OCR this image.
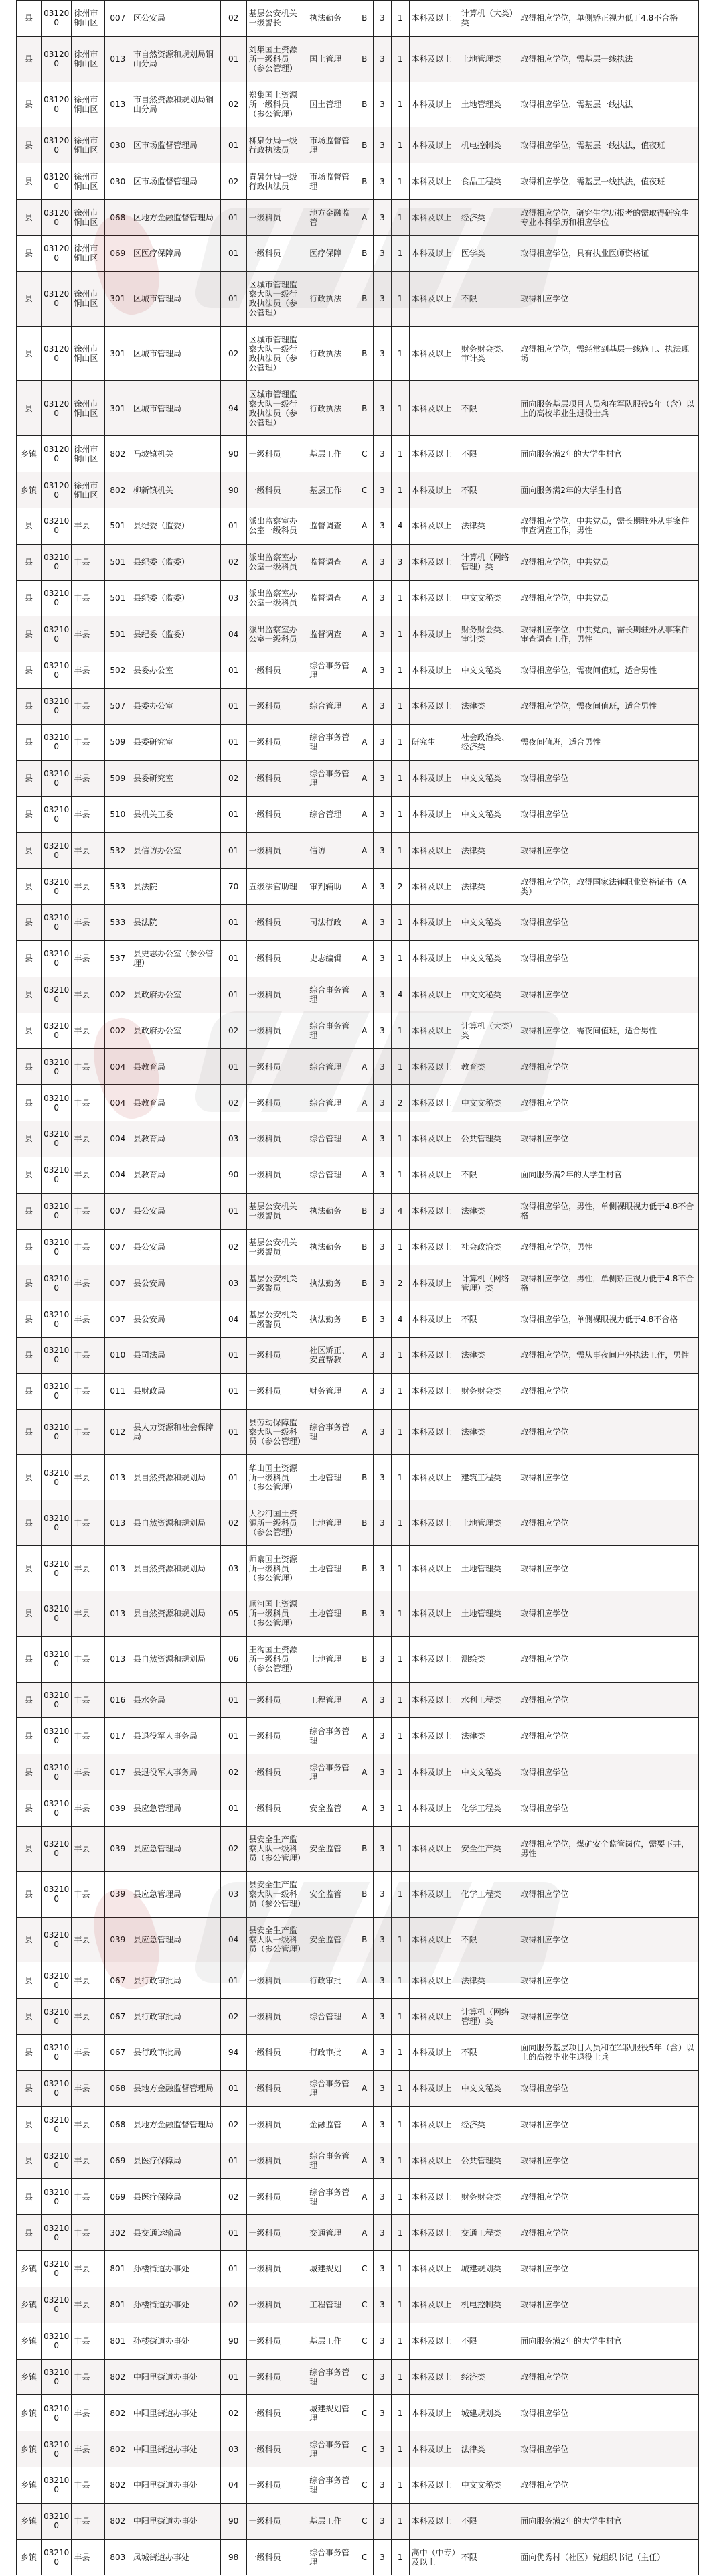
县	031200	徐州市铜山区	007	区公安局	02	基层公安机关一级警长	执法勤务	B	3	1	本科及以上	计算机（大类）类	取得相应学位，单侧矫正视力低于4.8不合格
县	031200	徐州市铜山区	013	市自然资源和规划局铜山分局	01	刘集国土资源所一级科员（参公管理）	国土管理	B	3	1	本科及以上	土地管理类	取得相应学位，需基层一线执法
县	031200	徐州市铜山区	013	市自然资源和规划局铜山分局	02	郑集国土资源所一级科员（参公管理）	国土管理	B	3	1	本科及以上	土地管理类	取得相应学位，需基层一线执法
县	031200	徐州市铜山区	030	区市场监督管理局	01	柳泉分局一级行政执法员	市场监督管理	B	3	1	本科及以上	机电控制类	取得相应学位，需基层一线执法，值夜班
县	031200	徐州市铜山区	030	区市场监督管理局	02	青暑分局一级行政执法员	市场监督管理	B	3	1	本科及以上	食品工程类	取得相应学位，需基层一线执法，值夜班
县	031200	徐州市铜山区	068	区地方金融监督管理局	01	一级科员	地方金融监管	A	3	1	本科及以上	经济类	取得相应学位，研究生学历报考的需取得研究生专业本科学历和相应学位
县	031200	徐州市铜山区	069	区医疗保障局	01	一级科员	医疗保障	B	3	1	本科及以上	医学类	取得相应学位，具有执业医师资格证
县	031200	徐州市铜山区	301	区城市管理局	01	区城市管理监察大队一级行政执法员（参公管理）	行政执法	B	3	1	本科及以上	不限	取得相应学位
县	031200	徐州市铜山区	301	区城市管理局	02	区城市管理监察大队一级行政执法员（参公管理）	行政执法	B	3	1	本科及以上	财务财会类、审计类	取得相应学位，需经常到基层一线施工、执法现场
县	031200	徐州市铜山区	301	区城市管理局	94	区城市管理监察大队一级行政执法员（参公管理）	行政执法	B	3	1	本科及以上	不限	面向服务基层项目人员和在军队服役5年（含）以上的高校毕业生退役士兵
乡镇	031200	徐州市铜山区	802	马坡镇机关	90	一级科员	基层工作	C	3	1	本科及以上	不限	面向服务满2年的大学生村官
乡镇	031200	徐州市铜山区	802	柳新镇机关	90	一级科员	基层工作	C	3	1	本科及以上	不限	面向服务满2年的大学生村官
县	032100	丰县	501	县纪委（监委）	01	派出监察室办公室一级科员	监督调查	A	3	4	本科及以上	法律类	取得相应学位，中共党员，需长期驻外从事案件审查调查工作，男性
县	032100	丰县	501	县纪委（监委）	02	派出监察室办公室一级科员	监督调查	A	3	3	本科及以上	计算机（网络管理）类	取得相应学位，中共党员
县	032100	丰县	501	县纪委（监委）	03	派出监察室办公室一级科员	监督调查	A	3	1	本科及以上	中文文秘类	取得相应学位，中共党员
县	032100	丰县	501	县纪委（监委）	04	派出监察室办公室一级科员	监督调查	A	3	1	本科及以上	财务财会类、审计类	取得相应学位，中共党员，需长期驻外从事案件审查调查工作，男性
县	032100	丰县	502	县委办公室	01	一级科员	综合事务管理	A	3	1	本科及以上	中文文秘类	取得相应学位，需夜间值班，适合男性
县	032100	丰县	507	县委办公室	01	一级科员	综合管理	A	3	1	本科及以上	法律类	取得相应学位，需夜间值班，适合男性
县	032100	丰县	509	县委研究室	01	一级科员	综合事务管理	A	3	1	研究生	社会政治类、经济类	需夜间值班，适合男性
县	032100	丰县	509	县委研究室	02	一级科员	综合事务管理	A	3	1	本科及以上	中文文秘类	取得相应学位
县	032100	丰县	510	县机关工委	01	一级科员	综合管理	A	3	1	本科及以上	中文文秘类	取得相应学位
县	032100	丰县	532	县信访办公室	01	一级科员	信访	A	3	1	本科及以上	法律类	取得相应学位
县	032100	丰县	533	县法院	70	五级法官助理	审判辅助	A	3	2	本科及以上	法律类	取得相应学位，取得国家法律职业资格证书（A类）
县	032100	丰县	533	县法院	01	一级科员	司法行政	A	3	1	本科及以上	中文文秘类	取得相应学位
县	032100	丰县	537	县史志办公室（参公管理）	01	一级科员	史志编辑	A	3	1	本科及以上	中文文秘类	取得相应学位
县	032100	丰县	002	县政府办公室	01	一级科员	综合事务管理	A	3	4	本科及以上	中文文秘类	取得相应学位
县	032100	丰县	002	县政府办公室	02	一级科员	综合事务管理	A	3	1	本科及以上	计算机（大类）类	取得相应学位，需夜间值班，适合男性
县	032100	丰县	004	县教育局	01	一级科员	综合管理	A	3	1	本科及以上	教育类	取得相应学位
县	032100	丰县	004	县教育局	02	一级科员	综合管理	A	3	2	本科及以上	中文文秘类	取得相应学位
县	032100	丰县	004	县教育局	03	一级科员	综合管理	A	3	1	本科及以上	公共管理类	取得相应学位
县	032100	丰县	004	县教育局	90	一级科员	综合管理	A	3	1	本科及以上	不限	面向服务满2年的大学生村官
县	032100	丰县	007	县公安局	01	基层公安机关一级警员	执法勤务	B	3	4	本科及以上	法律类	取得相应学位，男性，单侧裸眼视力低于4.8不合格
县	032100	丰县	007	县公安局	02	基层公安机关一级警员	执法勤务	B	3	1	本科及以上	社会政治类	取得相应学位，男性
县	032100	丰县	007	县公安局	03	基层公安机关一级警员	执法勤务	B	3	2	本科及以上	计算机（网络管理）类	取得相应学位，男性，单侧矫正视力低于4.8不合格
县	032100	丰县	007	县公安局	04	基层公安机关一级警员	执法勤务	B	3	4	本科及以上	不限	取得相应学位，单侧裸眼视力低于4.8不合格
县	032100	丰县	010	县司法局	01	一级科员	社区矫正、安置帮教	A	3	1	本科及以上	法律类	取得相应学位，需从事夜间户外执法工作，男性
县	032100	丰县	011	县财政局	01	一级科员	财务管理	A	3	1	本科及以上	财务财会类	取得相应学位
县	032100	丰县	012	县人力资源和社会保障局	01	县劳动保障监察大队一级科员（参公管理）	综合事务管理	A	3	1	本科及以上	法律类	取得相应学位
县	032100	丰县	013	县自然资源和规划局	01	华山国土资源所一级科员（参公管理）	土地管理	B	3	1	本科及以上	建筑工程类	取得相应学位
县	032100	丰县	013	县自然资源和规划局	02	大沙河国土资源所一级科员（参公管理）	土地管理	B	3	1	本科及以上	土地管理类	取得相应学位
县	032100	丰县	013	县自然资源和规划局	03	师寨国土资源所一级科员（参公管理）	土地管理	B	3	1	本科及以上	土地管理类	取得相应学位
县	032100	丰县	013	县自然资源和规划局	05	顺河国土资源所一级科员（参公管理）	土地管理	B	3	1	本科及以上	土地管理类	取得相应学位
县	032100	丰县	013	县自然资源和规划局	06	王沟国土资源所一级科员（参公管理）	土地管理	B	3	1	本科及以上	测绘类	取得相应学位
县	032100	丰县	016	县水务局	01	一级科员	工程管理	A	3	1	本科及以上	水利工程类	取得相应学位
县	032100	丰县	017	县退役军人事务局	01	一级科员	综合事务管理	A	3	1	本科及以上	法律类	取得相应学位
县	032100	丰县	017	县退役军人事务局	02	一级科员	综合事务管理	A	3	1	本科及以上	中文文秘类	取得相应学位
县	032100	丰县	039	县应急管理局	01	一级科员	安全监管	A	3	1	本科及以上	化学工程类	取得相应学位
县	032100	丰县	039	县应急管理局	02	县安全生产监察大队一级科员（参公管理）	安全监管	B	3	1	本科及以上	安全生产类	取得相应学位，煤矿安全监管岗位，需要下井，男性
县	032100	丰县	039	县应急管理局	03	县安全生产监察大队一级科员（参公管理）	安全监管	B	3	1	本科及以上	化学工程类	取得相应学位
县	032100	丰县	039	县应急管理局	04	县安全生产监察大队一级科员（参公管理）	安全监管	B	3	1	本科及以上	不限	取得相应学位
县	032100	丰县	067	县行政审批局	01	一级科员	行政审批	A	3	1	本科及以上	法律类	取得相应学位
县	032100	丰县	067	县行政审批局	02	一级科员	综合管理	A	3	1	本科及以上	计算机（网络管理）类	取得相应学位
县	032100	丰县	067	县行政审批局	94	一级科员	行政审批	A	3	1	本科及以上	不限	面向服务基层项目人员和在军队服役5年（含）以上的高校毕业生退役士兵
县	032100	丰县	068	县地方金融监督管理局	01	一级科员	综合事务管理	A	3	1	本科及以上	中文文秘类	取得相应学位
县	032100	丰县	068	县地方金融监督管理局	02	一级科员	金融监管	A	3	1	本科及以上	经济类	取得相应学位
县	032100	丰县	069	县医疗保障局	01	一级科员	综合事务管理	A	3	1	本科及以上	公共管理类	取得相应学位
县	032100	丰县	069	县医疗保障局	02	一级科员	综合事务管理	A	3	1	本科及以上	财务财会类	取得相应学位
县	032100	丰县	302	县交通运输局	01	一级科员	交通管理	A	3	1	本科及以上	交通工程类	取得相应学位
乡镇	032100	丰县	801	孙楼街道办事处	01	一级科员	城建规划	C	3	1	本科及以上	城建规划类	取得相应学位
乡镇	032100	丰县	801	孙楼街道办事处	02	一级科员	工程管理	C	3	1	本科及以上	机电控制类	取得相应学位
乡镇	032100	丰县	801	孙楼街道办事处	90	一级科员	基层工作	C	3	1	本科及以上	不限	面向服务满2年的大学生村官
乡镇	032100	丰县	802	中阳里街道办事处	01	一级科员	综合事务管理	C	3	1	本科及以上	经济类	取得相应学位
乡镇	032100	丰县	802	中阳里街道办事处	02	一级科员	城建规划管理	C	3	1	本科及以上	城建规划类	取得相应学位
乡镇	032100	丰县	802	中阳里街道办事处	03	一级科员	综合事务管理	C	3	1	本科及以上	法律类	取得相应学位
乡镇	032100	丰县	802	中阳里街道办事处	04	一级科员	综合事务管理	C	3	1	本科及以上	中文文秘类	取得相应学位
乡镇	032100	丰县	802	中阳里街道办事处	90	一级科员	基层工作	C	3	1	本科及以上	不限	面向服务满2年的大学生村官
乡镇	032100	丰县	803	凤城街道办事处	98	一级科员	综合事务管理	C	3	1	高中（中专）及以上	不限	面向优秀村（社区）党组织书记（主任）
